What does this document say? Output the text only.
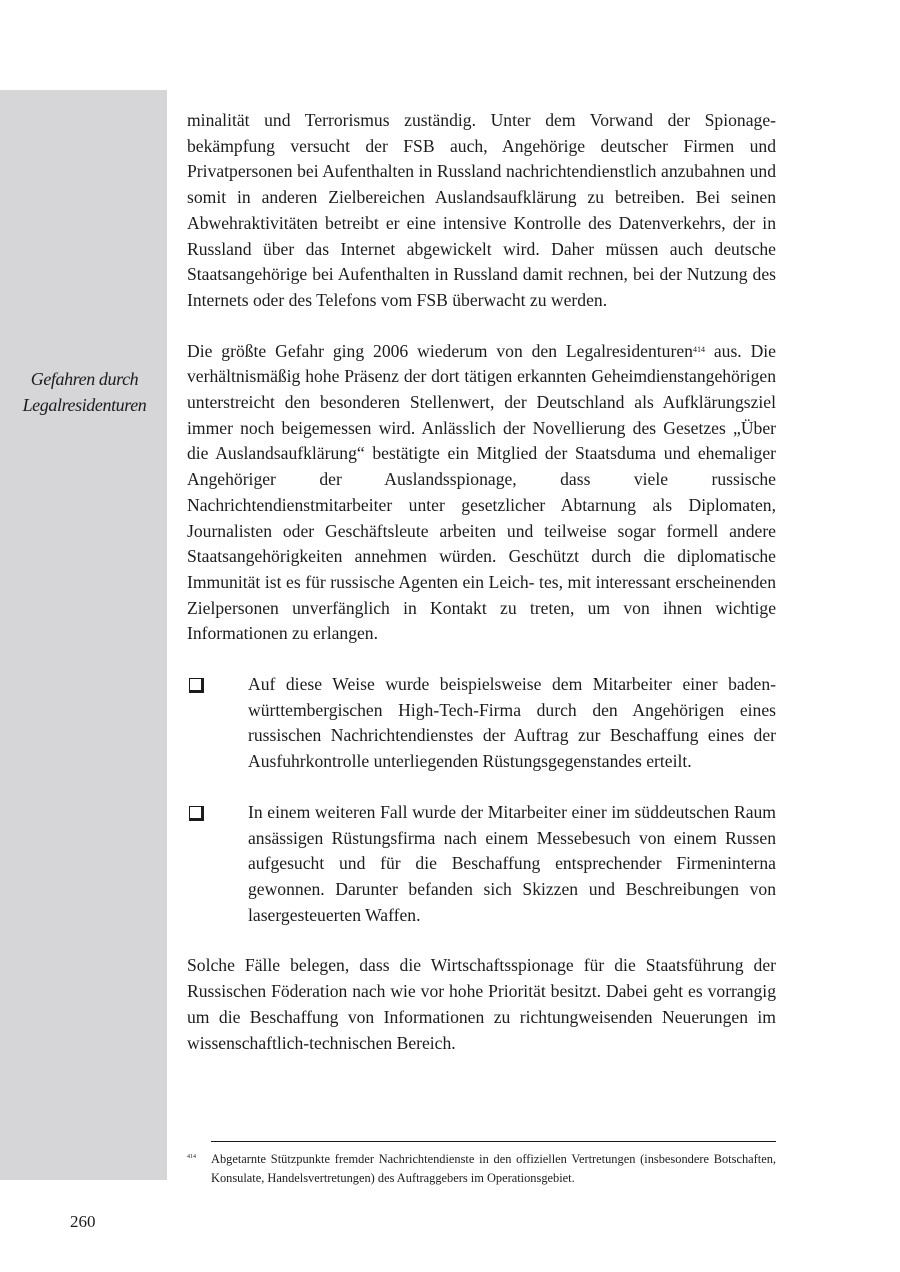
Gefahren durch
Legalresidenturen

minalität und Terrorismus zuständig. Unter dem Vorwand der Spionagebekämpfung versucht der FSB auch, Angehörige deutscher Firmen und Privatpersonen bei Aufenthalten in Russland nachrichtendienstlich anzubahnen und somit in anderen Zielbereichen Auslandsaufklärung zu betreiben. Bei seinen Abwehraktivitäten betreibt er eine intensive Kontrolle des Datenverkehrs, der in Russland über das Internet abgewickelt wird. Daher müssen auch deutsche Staatsangehörige bei Aufenthalten in Russland damit rechnen, bei der Nutzung des Internets oder des Telefons vom FSB überwacht zu werden.

Die größte Gefahr ging 2006 wiederum von den Legalresidenturen$^{414}$ aus. Die verhältnismäßig hohe Präsenz der dort tätigen erkannten Geheimdienstangehörigen unterstreicht den besonderen Stellenwert, der Deutschland als Aufklärungsziel immer noch beigemessen wird. Anlässlich der Novellierung des Gesetzes „Über die Auslandsaufklärung“ bestätigte ein Mitglied der Staatsduma und ehemaliger Angehöriger der Auslandsspionage, dass viele russische Nachrichtendienstmitarbeiter unter gesetzlicher Abtarnung als Diplomaten, Journalisten oder Geschäftsleute arbeiten und teilweise sogar formell andere Staatsangehörigkeiten annehmen würden. Geschützt durch die diplomatische Immunität ist es für russische Agenten ein Leich- tes, mit interessant erscheinenden Zielpersonen unverfänglich in Kontakt zu treten, um von ihnen wichtige Informationen zu erlangen.

Auf diese Weise wurde beispielsweise dem Mitarbeiter einer badenwürttembergischen High-Tech-Firma durch den Angehörigen eines russischen Nachrichtendienstes der Auftrag zur Beschaffung eines der Ausfuhrkontrolle unterliegenden Rüstungsgegenstandes erteilt.

In einem weiteren Fall wurde der Mitarbeiter einer im süddeutschen Raum ansässigen Rüstungsfirma nach einem Messebesuch von einem Russen aufgesucht und für die Beschaffung entsprechender Firmeninterna gewonnen. Darunter befanden sich Skizzen und Beschreibungen von lasergesteuerten Waffen.

Solche Fälle belegen, dass die Wirtschaftsspionage für die Staatsführung der Russischen Föderation nach wie vor hohe Priorität besitzt. Dabei geht es vorrangig um die Beschaffung von Informationen zu richtungweisenden Neuerungen im wissenschaftlich-technischen Bereich.

414 Abgetarnte Stützpunkte fremder Nachrichtendienste in den offiziellen Vertretungen (insbesondere Botschaften, Konsulate, Handelsvertretungen) des Auftraggebers im Operationsgebiet.
260
